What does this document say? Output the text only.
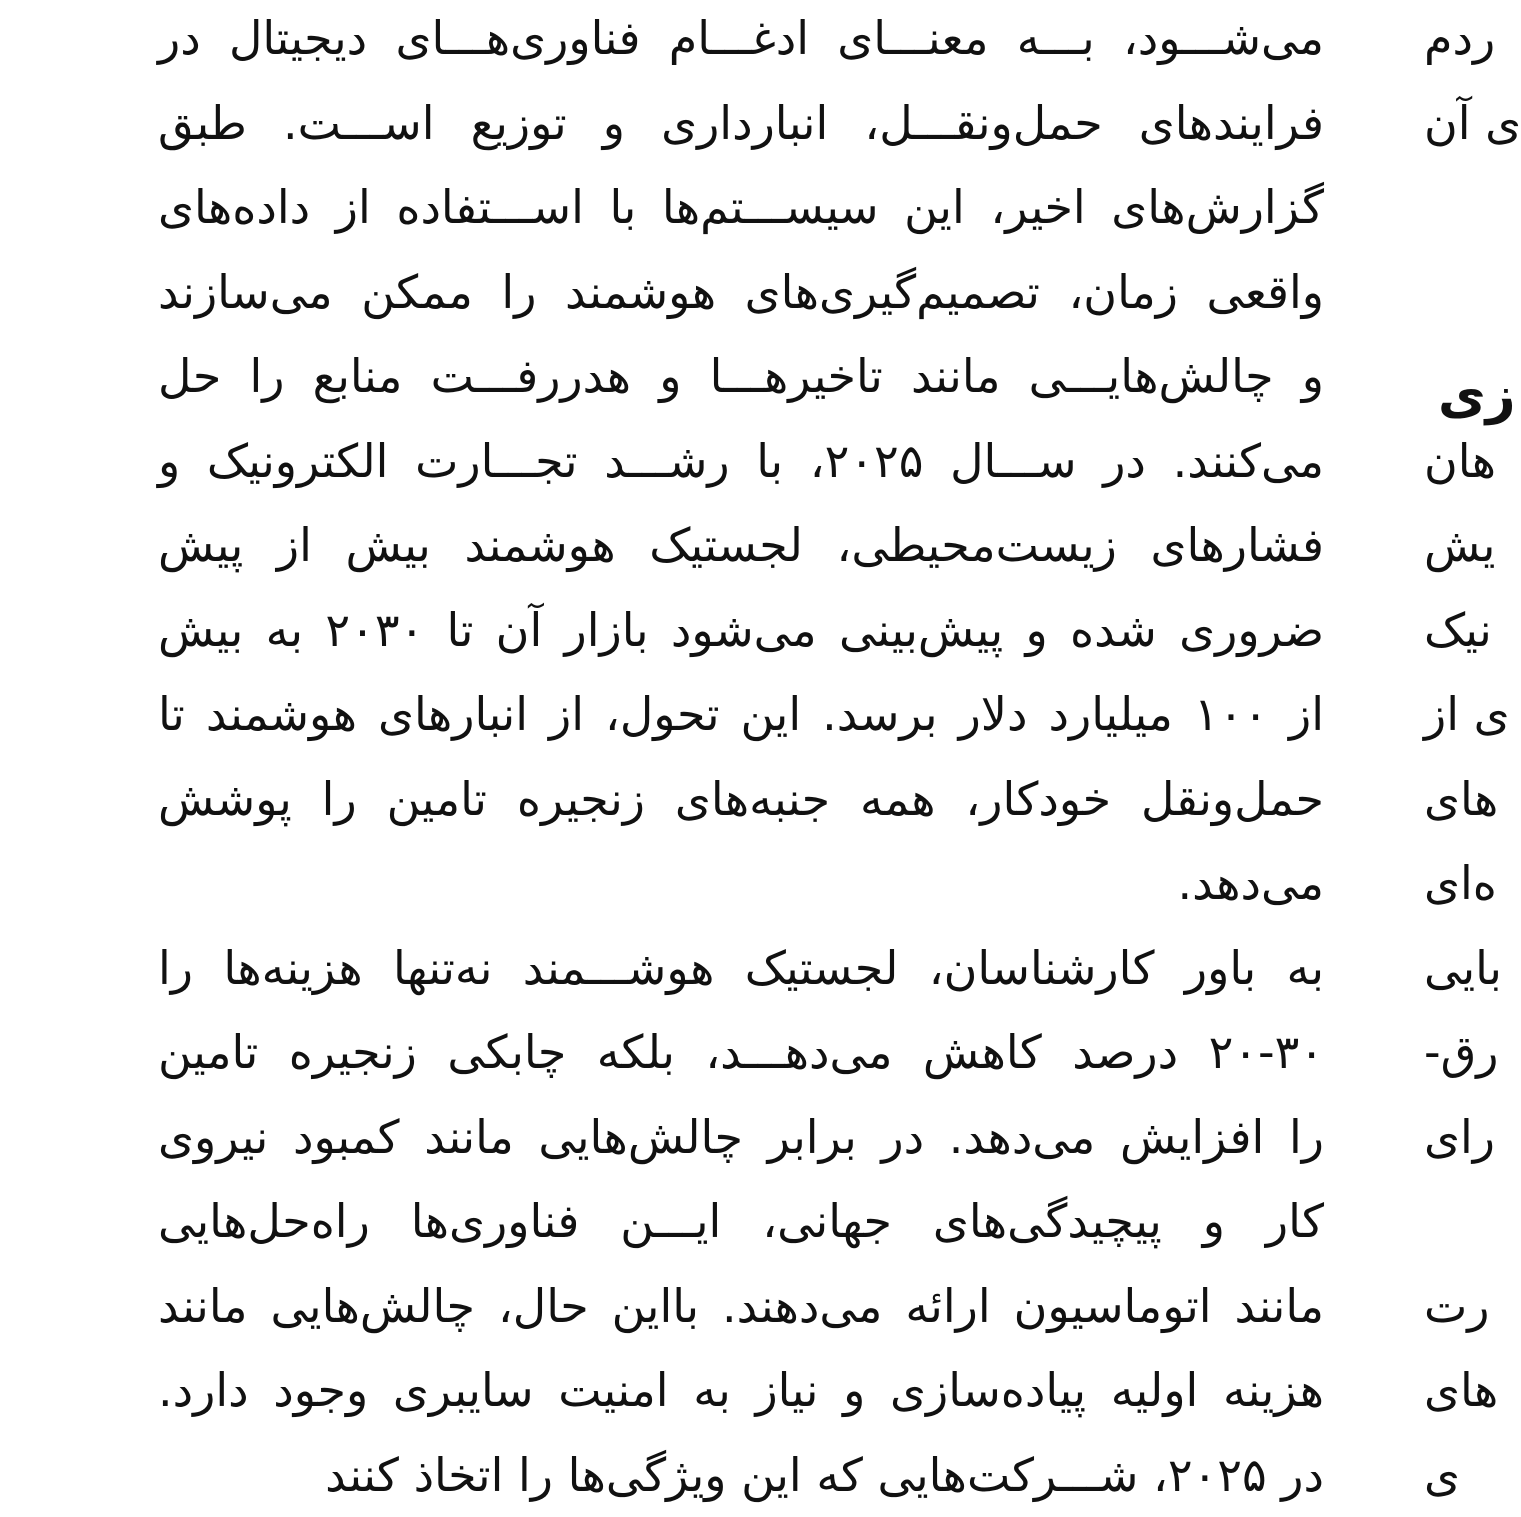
می‌شـــود، بـــه معنـــای ادغـــام فناوری‌هـــای دیجیتال در
فرایندهای حمل‌ونقـــل، انبارداری و توزیع اســـت. طبق
گزارش‌های اخیر، این سیســـتم‌ها با اســـتفاده از داده‌های
واقعی زمان، تصمیم‌گیری‌های هوشمند را ممکن می‌سازند
و چالش‌هایـــی مانند تاخیرهـــا و هدررفـــت منابع را حل
می‌کنند. در ســـال ۲۰۲۵، با رشـــد تجـــارت الکترونیک و
فشارهای زیست‌محیطی، لجستیک هوشمند بیش از پیش
ضروری شده و پیش‌بینی می‌شود بازار آن تا ۲۰۳۰ به بیش
از ۱۰۰ میلیارد دلار برسد. این تحول، از انبارهای هوشمند تا
حمل‌ونقل خودکار، همه جنبه‌های زنجیره تامین را پوشش
می‌دهد.
به باور کارشناسان، لجستیک هوشـــمند نه‌تنها هزینه‌ها را
۲۰-۳۰ درصد کاهش می‌دهـــد، بلکه چابکی زنجیره تامین
را افزایش می‌دهد. در برابر چالش‌هایی مانند کمبود نیروی
کار و پیچیدگی‌های جهانی، ایـــن فناوری‌ها راه‌حل‌هایی
مانند اتوماسیون ارائه می‌دهند. بااین حال، چالش‌هایی مانند
هزینه اولیه پیاده‌سازی و نیاز به امنیت سایبری وجود دارد.
در ۲۰۲۵، شـــرکت‌هایی که این ویژگی‌ها را اتخاذ کنند
ردم
ی آن
زی
هان
یش
نیک
ی از
های
ه‌ای
بایی
رق-
رای
رت
های
ی
